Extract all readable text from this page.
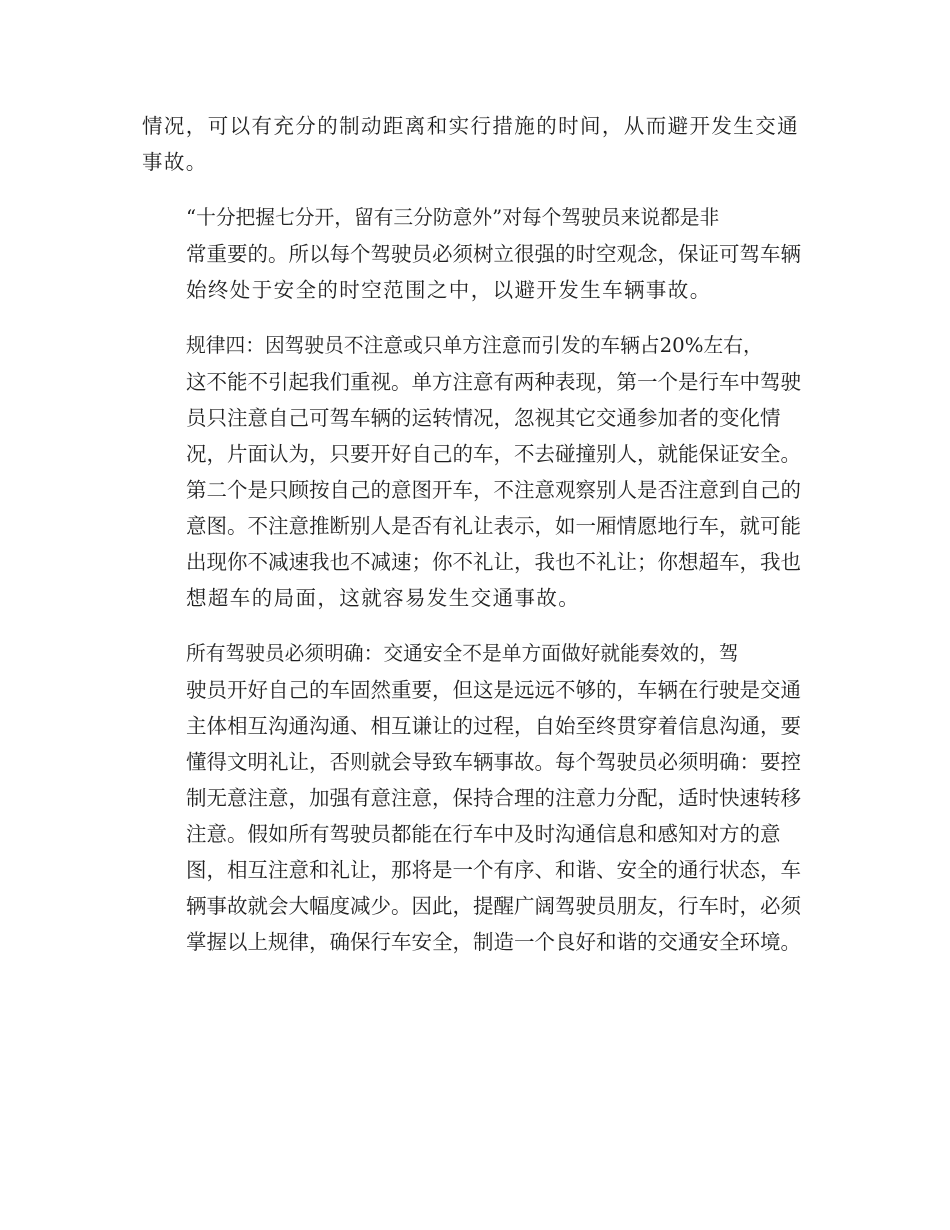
情况，可以有充分的制动距离和实行措施的时间，从而避开发生交通
事故。

“十分把握七分开，留有三分防意外”对每个驾驶员来说都是非
常重要的。所以每个驾驶员必须树立很强的时空观念，保证可驾车辆
始终处于安全的时空范围之中，以避开发生车辆事故。

规律四：因驾驶员不注意或只单方注意而引发的车辆占20%左右，
这不能不引起我们重视。单方注意有两种表现，第一个是行车中驾驶
员只注意自己可驾车辆的运转情况，忽视其它交通参加者的变化情
况，片面认为，只要开好自己的车，不去碰撞别人，就能保证安全。
第二个是只顾按自己的意图开车，不注意观察别人是否注意到自己的
意图。不注意推断别人是否有礼让表示，如一厢情愿地行车，就可能
出现你不减速我也不减速；你不礼让，我也不礼让；你想超车，我也
想超车的局面，这就容易发生交通事故。

所有驾驶员必须明确：交通安全不是单方面做好就能奏效的，驾
驶员开好自己的车固然重要，但这是远远不够的，车辆在行驶是交通
主体相互沟通沟通、相互谦让的过程，自始至终贯穿着信息沟通，要
懂得文明礼让，否则就会导致车辆事故。每个驾驶员必须明确：要控
制无意注意，加强有意注意，保持合理的注意力分配，适时快速转移
注意。假如所有驾驶员都能在行车中及时沟通信息和感知对方的意
图，相互注意和礼让，那将是一个有序、和谐、安全的通行状态，车
辆事故就会大幅度减少。因此，提醒广阔驾驶员朋友，行车时，必须
掌握以上规律，确保行车安全，制造一个良好和谐的交通安全环境。
